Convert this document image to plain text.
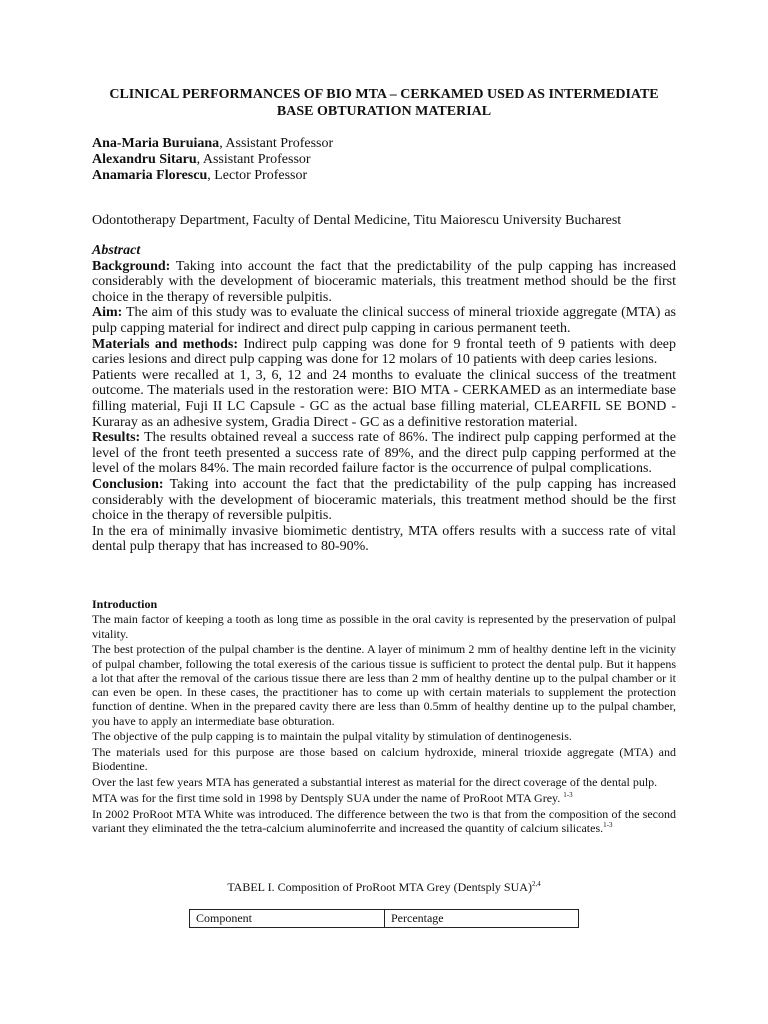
CLINICAL PERFORMANCES OF BIO MTA – CERKAMED USED AS INTERMEDIATE BASE OBTURATION MATERIAL
Ana-Maria Buruiana, Assistant Professor
Alexandru Sitaru, Assistant Professor
Anamaria Florescu, Lector Professor
Odontotherapy Department, Faculty of Dental Medicine, Titu Maiorescu University Bucharest

Abstract

Background: Taking into account the fact that the predictability of the pulp capping has increased considerably with the development of bioceramic materials, this treatment method should be the first choice in the therapy of reversible pulpitis.

Aim: The aim of this study was to evaluate the clinical success of mineral trioxide aggregate (MTA) as pulp capping material for indirect and direct pulp capping in carious permanent teeth.

Materials and methods: Indirect pulp capping was done for 9 frontal teeth of 9 patients with deep caries lesions and direct pulp capping was done for 12 molars of 10 patients with deep caries lesions.

Patients were recalled at 1, 3, 6, 12 and 24 months to evaluate the clinical success of the treatment outcome. The materials used in the restoration were: BIO MTA - CERKAMED as an intermediate base filling material, Fuji II LC Capsule - GC as the actual base filling material, CLEARFIL SE BOND - Kuraray as an adhesive system, Gradia Direct - GC as a definitive restoration material.

Results: The results obtained reveal a success rate of 86%. The indirect pulp capping performed at the level of the front teeth presented a success rate of 89%, and the direct pulp capping performed at the level of the molars 84%. The main recorded failure factor is the occurrence of pulpal complications.

Conclusion: Taking into account the fact that the predictability of the pulp capping has increased considerably with the development of bioceramic materials, this treatment method should be the first choice in the therapy of reversible pulpitis.

In the era of minimally invasive biomimetic dentistry, MTA offers results with a success rate of vital dental pulp therapy that has increased to 80-90%.

Introduction

The main factor of keeping a tooth as long time as possible in the oral cavity is represented by the preservation of pulpal vitality.

The best protection of the pulpal chamber is the dentine. A layer of minimum 2 mm of healthy dentine left in the vicinity of pulpal chamber, following the total exeresis of the carious tissue is sufficient to protect the dental pulp. But it happens a lot that after the removal of the carious tissue there are less than 2 mm of healthy dentine up to the pulpal chamber or it can even be open. In these cases, the practitioner has to come up with certain materials to supplement the protection function of dentine. When in the prepared cavity there are less than 0.5mm of healthy dentine up to the pulpal chamber, you have to apply an intermediate base obturation.

The objective of the pulp capping is to maintain the pulpal vitality by stimulation of dentinogenesis.

The materials used for this purpose are those based on calcium hydroxide, mineral trioxide aggregate (MTA) and Biodentine.

Over the last few years MTA has generated a substantial interest as material for the direct coverage of the dental pulp.

MTA was for the first time sold in 1998 by Dentsply SUA under the name of ProRoot MTA Grey. $^{1-3}$

In 2002 ProRoot MTA White was introduced. The difference between the two is that from the composition of the second variant they eliminated the the tetra-calcium aluminoferrite and increased the quantity of calcium silicates.$^{1-3}$

TABEL I. Composition of ProRoot MTA Grey (Dentsply SUA)$^{2,4}$
Component	Percentage
